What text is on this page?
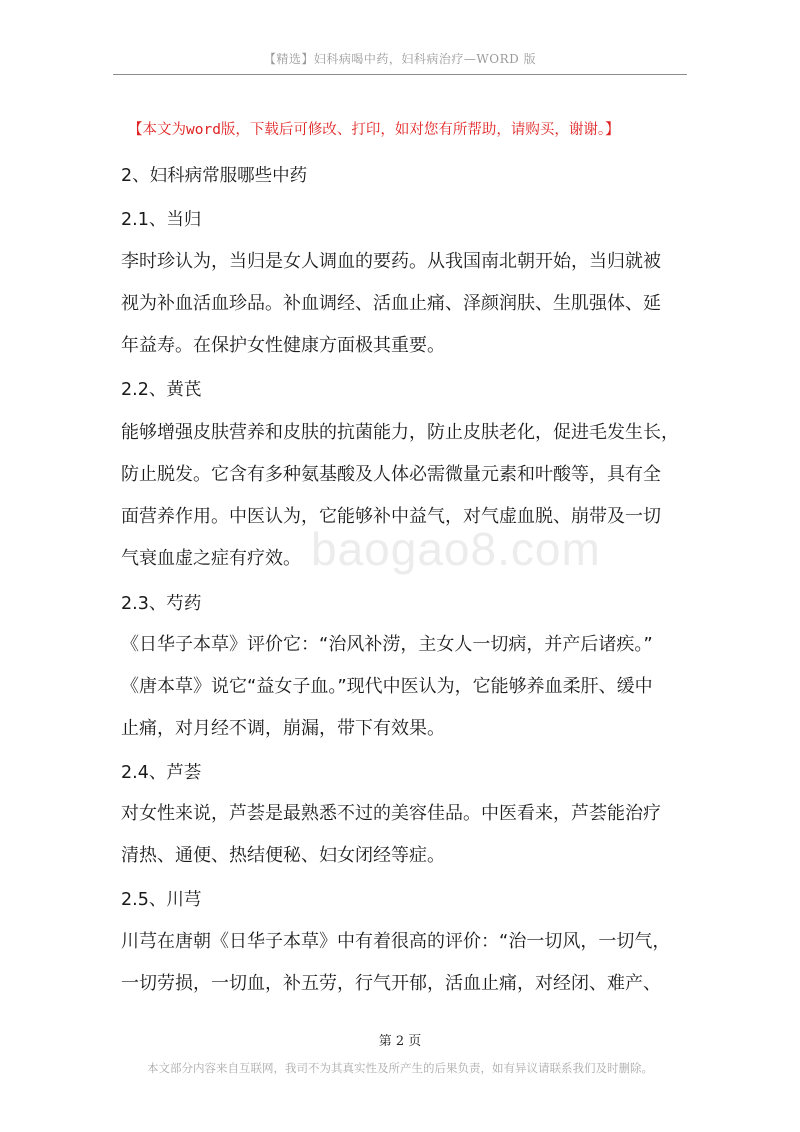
【精选】妇科病喝中药，妇科病治疗—WORD 版
【本文为word版，下载后可修改、打印，如对您有所帮助，请购买，谢谢。】
baogao8.com
2、妇科病常服哪些中药
2.1、当归
李时珍认为，当归是女人调血的要药。从我国南北朝开始，当归就被
视为补血活血珍品。补血调经、活血止痛、泽颜润肤、生肌强体、延
年益寿。在保护女性健康方面极其重要。
2.2、黄芪
能够增强皮肤营养和皮肤的抗菌能力，防止皮肤老化，促进毛发生长，
防止脱发。它含有多种氨基酸及人体必需微量元素和叶酸等，具有全
面营养作用。中医认为，它能够补中益气，对气虚血脱、崩带及一切
气衰血虚之症有疗效。
2.3、芍药
《日华子本草》评价它：“治风补涝，主女人一切病，并产后诸疾。”
《唐本草》说它“益女子血。”现代中医认为，它能够养血柔肝、缓中
止痛，对月经不调，崩漏，带下有效果。
2.4、芦荟
对女性来说，芦荟是最熟悉不过的美容佳品。中医看来，芦荟能治疗
清热、通便、热结便秘、妇女闭经等症。
2.5、川芎
川芎在唐朝《日华子本草》中有着很高的评价：“治一切风，一切气，
一切劳损，一切血，补五劳，行气开郁，活血止痛，对经闭、难产、
第 2 页
本文部分内容来自互联网，我司不为其真实性及所产生的后果负责，如有异议请联系我们及时删除。
